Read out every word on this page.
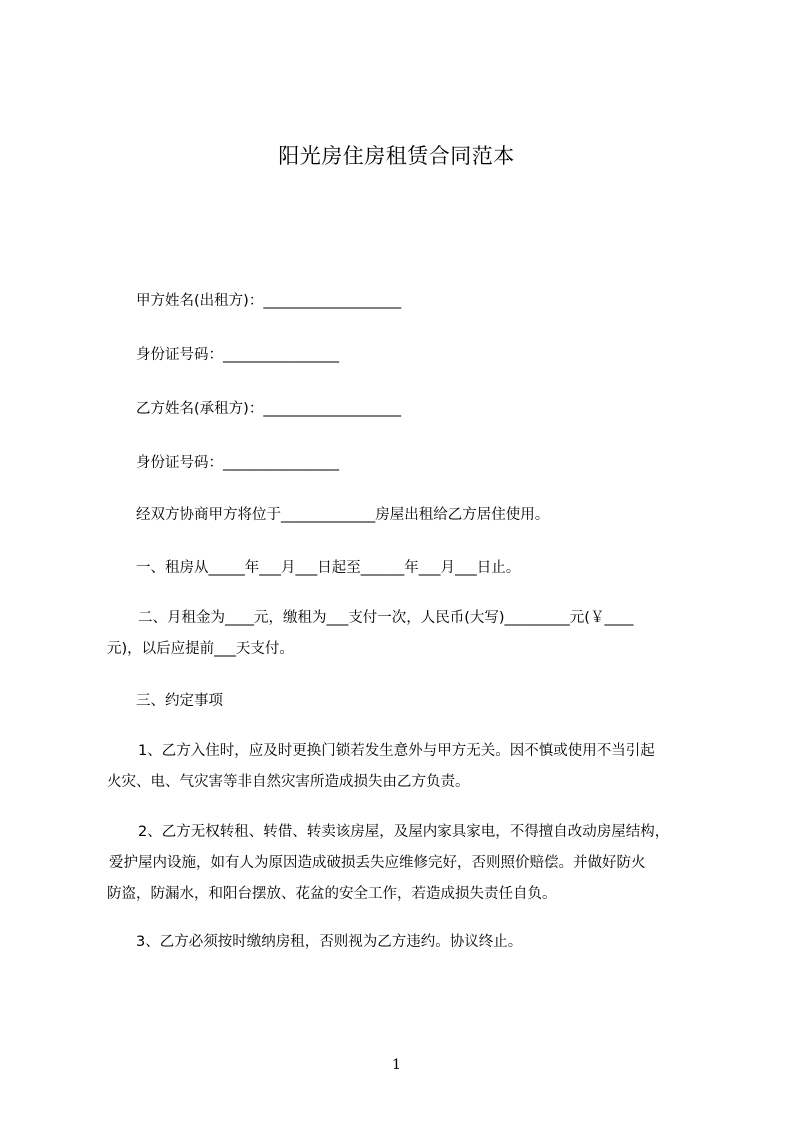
阳光房住房租赁合同范本
甲方姓名(出租方)：___________________
身份证号码：________________
乙方姓名(承租方)：___________________
身份证号码：________________
经双方协商甲方将位于_____________房屋出租给乙方居住使用。
一、租房从_____年___月___日起至______年___月___日止。
二、月租金为____元，缴租为___支付一次，人民币(大写)_________元(￥____
元)，以后应提前___天支付。
三、约定事项
1、乙方入住时，应及时更换门锁若发生意外与甲方无关。因不慎或使用不当引起
火灾、电、气灾害等非自然灾害所造成损失由乙方负责。
2、乙方无权转租、转借、转卖该房屋，及屋内家具家电，不得擅自改动房屋结构，
爱护屋内设施，如有人为原因造成破损丢失应维修完好，否则照价赔偿。并做好防火
防盗，防漏水，和阳台摆放、花盆的安全工作，若造成损失责任自负。
3、乙方必须按时缴纳房租，否则视为乙方违约。协议终止。
1
